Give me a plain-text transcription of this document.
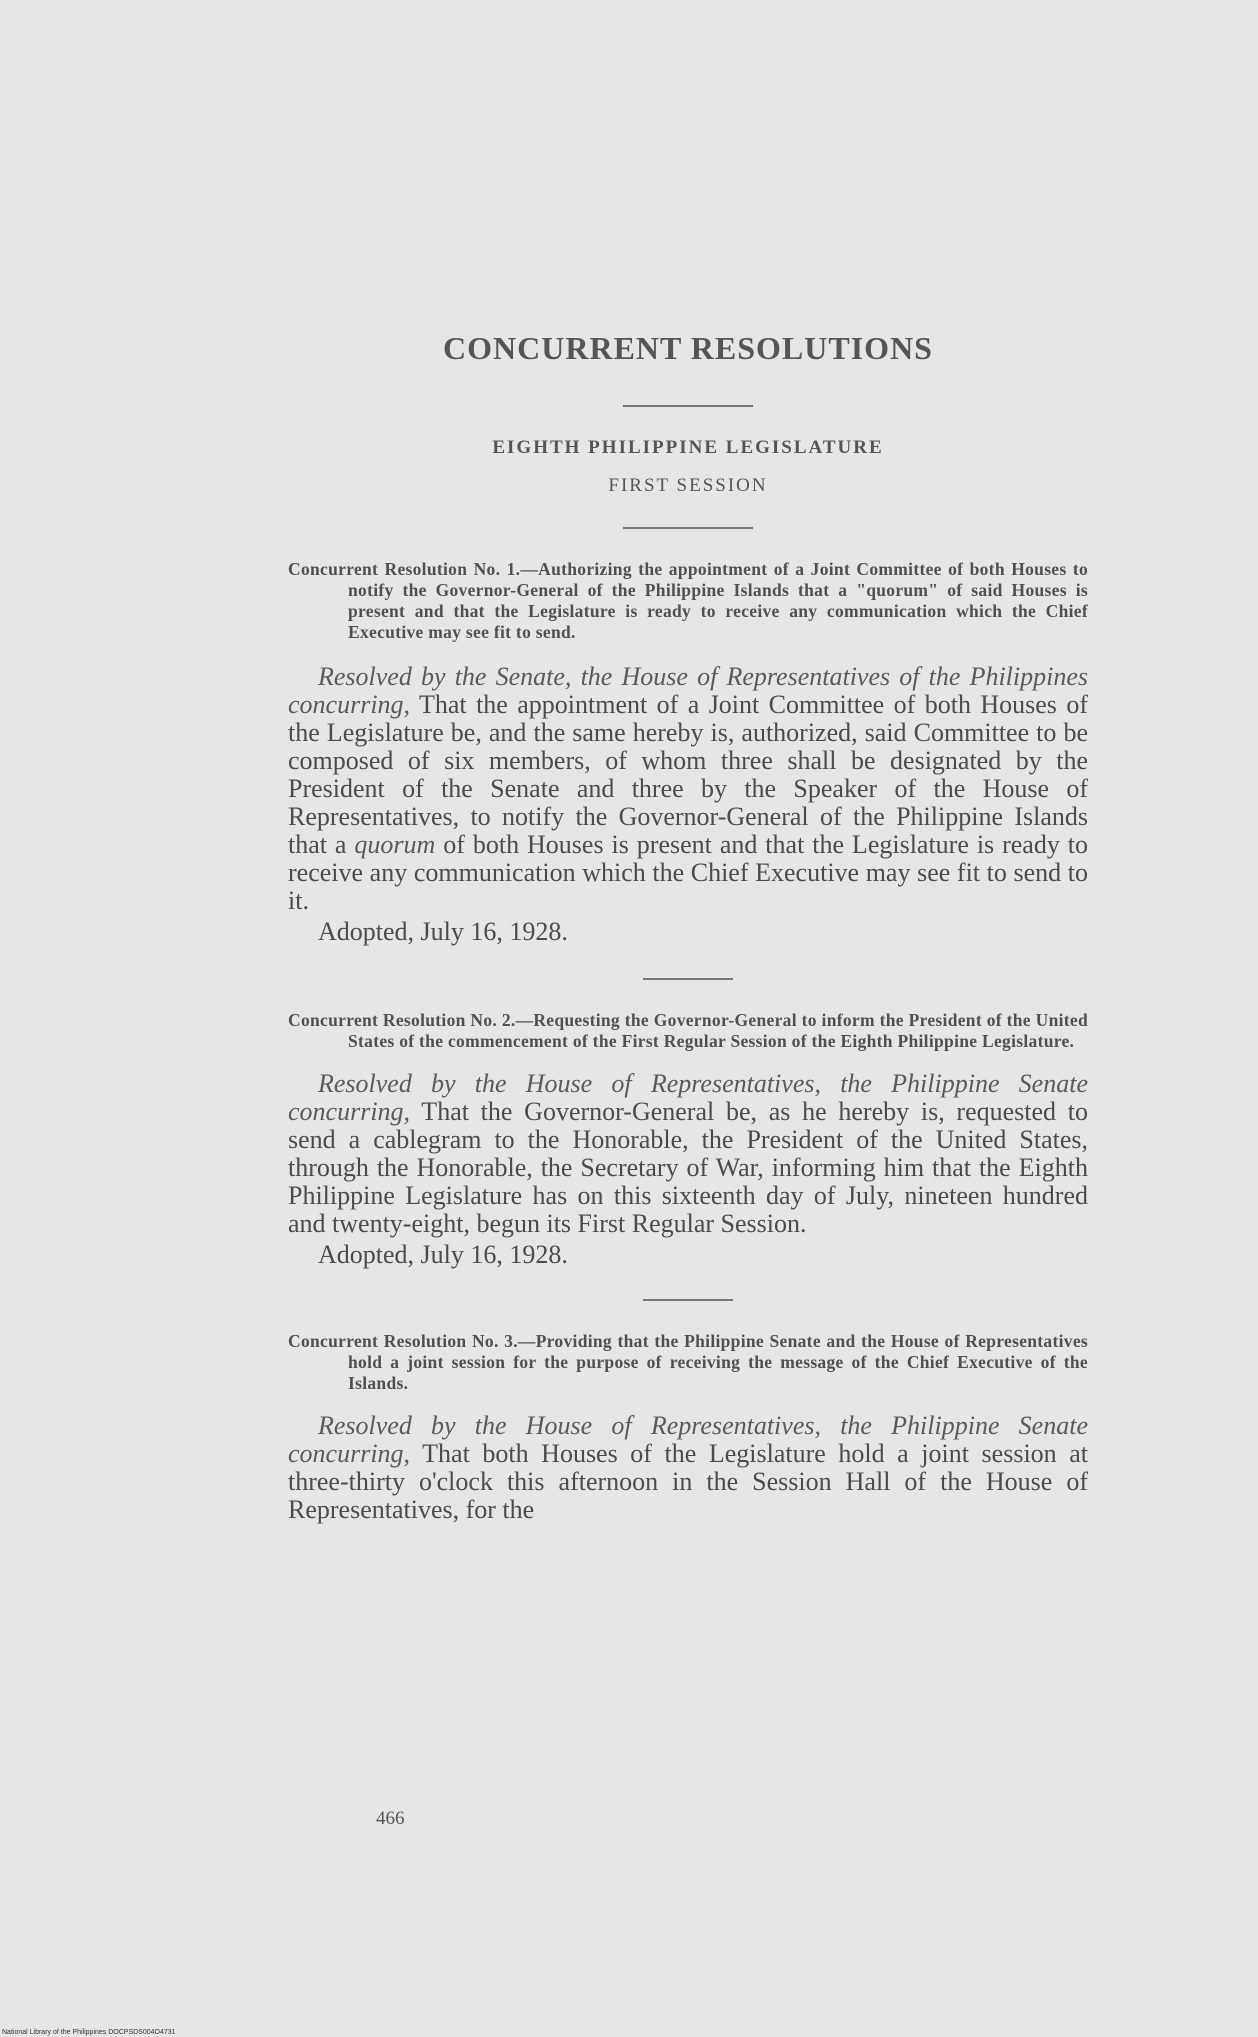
CONCURRENT RESOLUTIONS
EIGHTH PHILIPPINE LEGISLATURE
FIRST SESSION
Concurrent Resolution No. 1.—Authorizing the appointment of a Joint Committee of both Houses to notify the Governor-General of the Philippine Islands that a "quorum" of said Houses is present and that the Legislature is ready to receive any communication which the Chief Executive may see fit to send.
Resolved by the Senate, the House of Representatives of the Philippines concurring, That the appointment of a Joint Committee of both Houses of the Legislature be, and the same hereby is, authorized, said Committee to be composed of six members, of whom three shall be designated by the President of the Senate and three by the Speaker of the House of Representatives, to notify the Governor-General of the Philippine Islands that a quorum of both Houses is present and that the Legislature is ready to receive any communication which the Chief Executive may see fit to send to it.
Adopted, July 16, 1928.
Concurrent Resolution No. 2.—Requesting the Governor-General to inform the President of the United States of the commencement of the First Regular Session of the Eighth Philippine Legislature.
Resolved by the House of Representatives, the Philippine Senate concurring, That the Governor-General be, as he hereby is, requested to send a cablegram to the Honorable, the President of the United States, through the Honorable, the Secretary of War, informing him that the Eighth Philippine Legislature has on this sixteenth day of July, nineteen hundred and twenty-eight, begun its First Regular Session.
Adopted, July 16, 1928.
Concurrent Resolution No. 3.—Providing that the Philippine Senate and the House of Representatives hold a joint session for the purpose of receiving the message of the Chief Executive of the Islands.
Resolved by the House of Representatives, the Philippine Senate concurring, That both Houses of the Legislature hold a joint session at three-thirty o'clock this afternoon in the Session Hall of the House of Representatives, for the
466
National Library of the Philippines DOCPSDS004O4731
